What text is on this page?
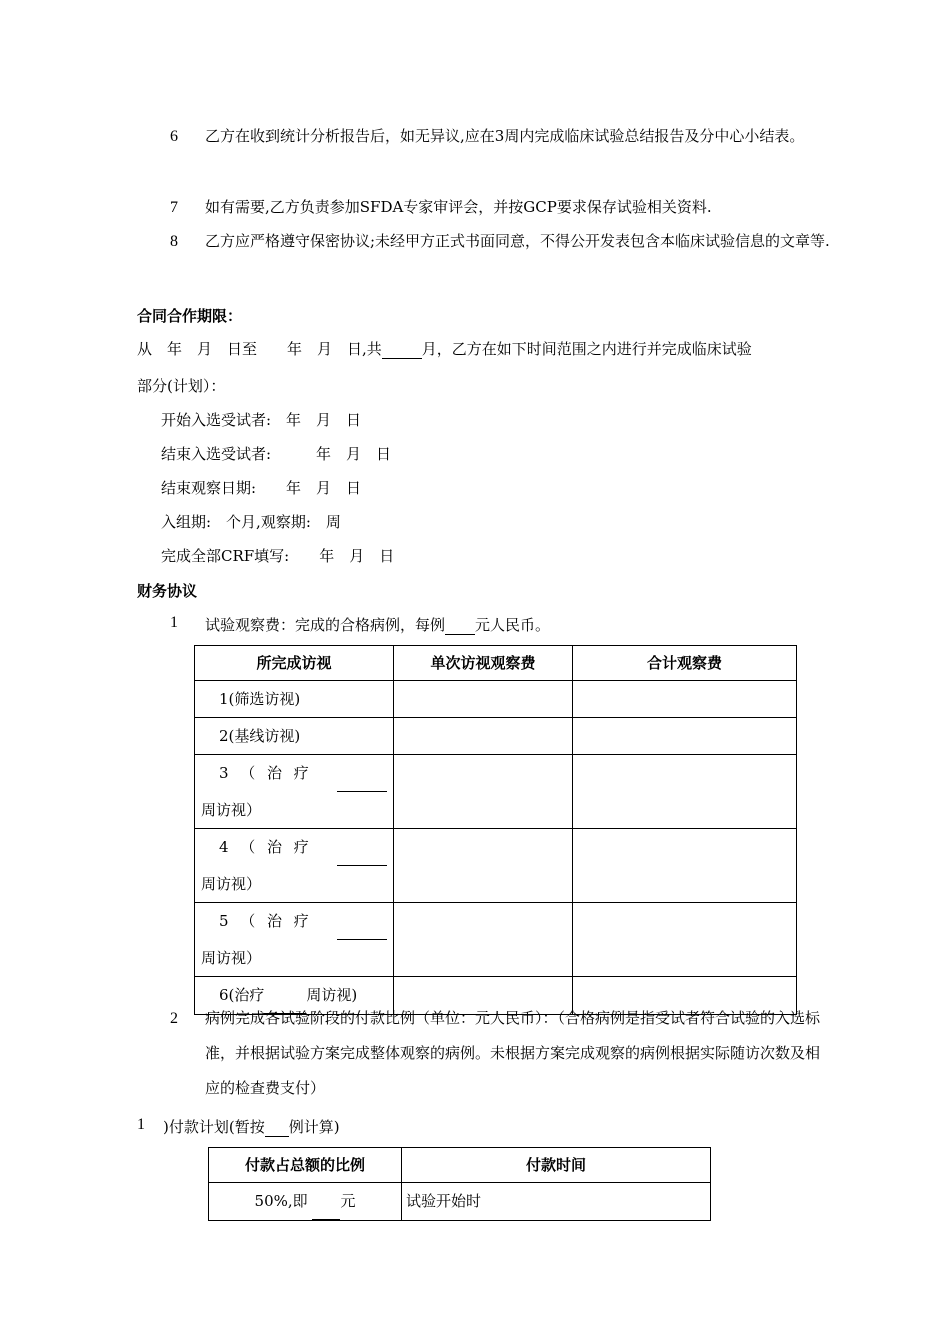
6 乙方在收到统计分析报告后，如无异议,应在3周内完成临床试验总结报告及分中心小结表。
7 如有需要,乙方负责参加SFDA专家审评会，并按GCP要求保存试验相关资料.
8 乙方应严格遵守保密协议;未经甲方正式书面同意，不得公开发表包含本临床试验信息的文章等.
合同合作期限：
从　年　月　日至　　年　月　日,共	月，乙方在如下时间范围之内进行并完成临床试验
部分(计划）：
开始入选受试者:　年　月　日
结束入选受试者:　　　年　月　日
结束观察日期:　　年　月　日
入组期:　个月,观察期:　周
完成全部CRF填写:　　年　月　日
财务协议
1 试验观察费：完成的合格病例，每例 元人民币。
所完成访视	单次访视观察费	合计观察费
1(筛选访视)		
2(基线访视)		
3（治疗  周访视）		
4（治疗  周访视）		
5（治疗  周访视）		
6(治疗 周访视)		
2 病例完成各试验阶段的付款比例（单位：元人民币）：（合格病例是指受试者符合试验的入选标准，并根据试验方案完成整体观察的病例。未根据方案完成观察的病例根据实际随访次数及相应的检查费支付）
1 )付款计划(暂按 例计算)
付款占总额的比例	付款时间
50%,即 元	试验开始时
